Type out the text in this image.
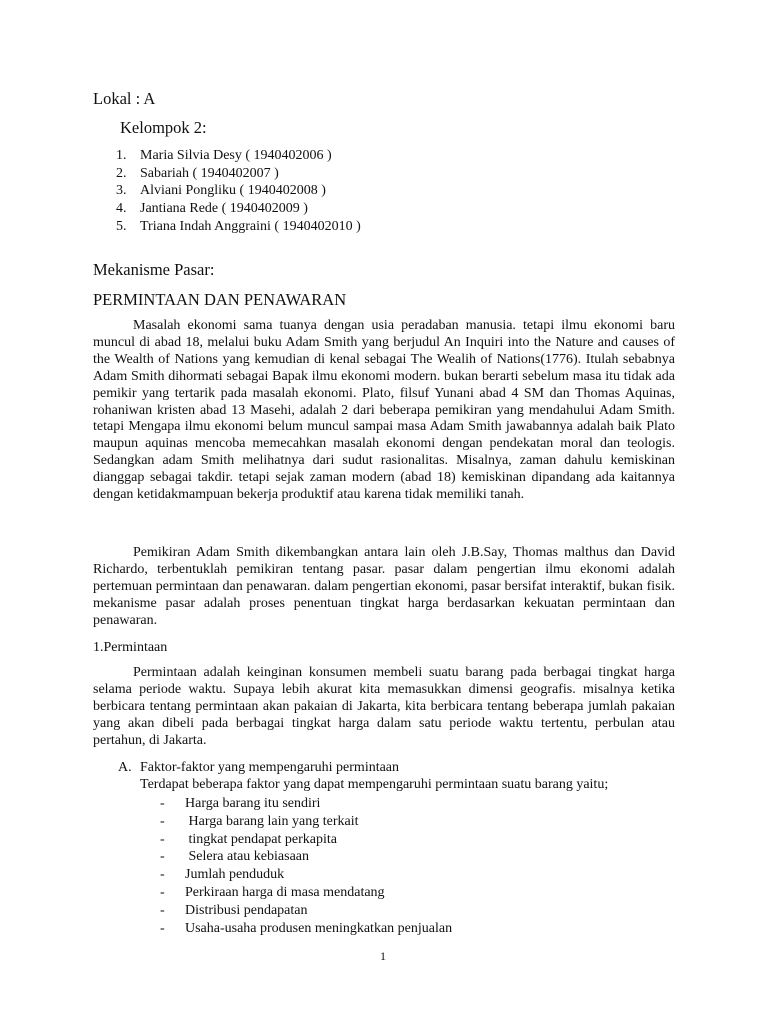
Lokal : A
Kelompok 2:
1. Maria Silvia Desy ( 1940402006 )
2. Sabariah ( 1940402007 )
3. Alviani Pongliku ( 1940402008 )
4. Jantiana Rede ( 1940402009 )
5. Triana Indah Anggraini ( 1940402010 )
Mekanisme Pasar:
PERMINTAAN DAN PENAWARAN

Masalah ekonomi sama tuanya dengan usia peradaban manusia. tetapi ilmu ekonomi baru muncul di abad 18, melalui buku Adam Smith yang berjudul An Inquiri into the Nature and causes of the Wealth of Nations yang kemudian di kenal sebagai The Wealih of Nations(1776). Itulah sebabnya Adam Smith dihormati sebagai Bapak ilmu ekonomi modern. bukan berarti sebelum masa itu tidak ada pemikir yang tertarik pada masalah ekonomi. Plato, filsuf Yunani abad 4 SM dan Thomas Aquinas, rohaniwan kristen abad 13 Masehi, adalah 2 dari beberapa pemikiran yang mendahului Adam Smith. tetapi Mengapa ilmu ekonomi belum muncul sampai masa Adam Smith jawabannya adalah baik Plato maupun aquinas mencoba memecahkan masalah ekonomi dengan pendekatan moral dan teologis. Sedangkan adam Smith melihatnya dari sudut rasionalitas. Misalnya, zaman dahulu kemiskinan dianggap sebagai takdir. tetapi sejak zaman modern (abad 18) kemiskinan dipandang ada kaitannya dengan ketidakmampuan bekerja produktif atau karena tidak memiliki tanah.

Pemikiran Adam Smith dikembangkan antara lain oleh J.B.Say, Thomas malthus dan David Richardo, terbentuklah pemikiran tentang pasar. pasar dalam pengertian ilmu ekonomi adalah pertemuan permintaan dan penawaran. dalam pengertian ekonomi, pasar bersifat interaktif, bukan fisik. mekanisme pasar adalah proses penentuan tingkat harga berdasarkan kekuatan permintaan dan penawaran.

1.Permintaan

Permintaan adalah keinginan konsumen membeli suatu barang pada berbagai tingkat harga selama periode waktu. Supaya lebih akurat kita memasukkan dimensi geografis. misalnya ketika berbicara tentang permintaan akan pakaian di Jakarta, kita berbicara tentang beberapa jumlah pakaian yang akan dibeli pada berbagai tingkat harga dalam satu periode waktu tertentu, perbulan atau pertahun, di Jakarta.

A. Faktor-faktor yang mempengaruhi permintaan
Terdapat beberapa faktor yang dapat mempengaruhi permintaan suatu barang yaitu;
-	Harga barang itu sendiri
-	Harga barang lain yang terkait
-	tingkat pendapat perkapita
-	Selera atau kebiasaan
-	Jumlah penduduk
-	Perkiraan harga di masa mendatang
-	Distribusi pendapatan
-	Usaha-usaha produsen meningkatkan penjualan
1
